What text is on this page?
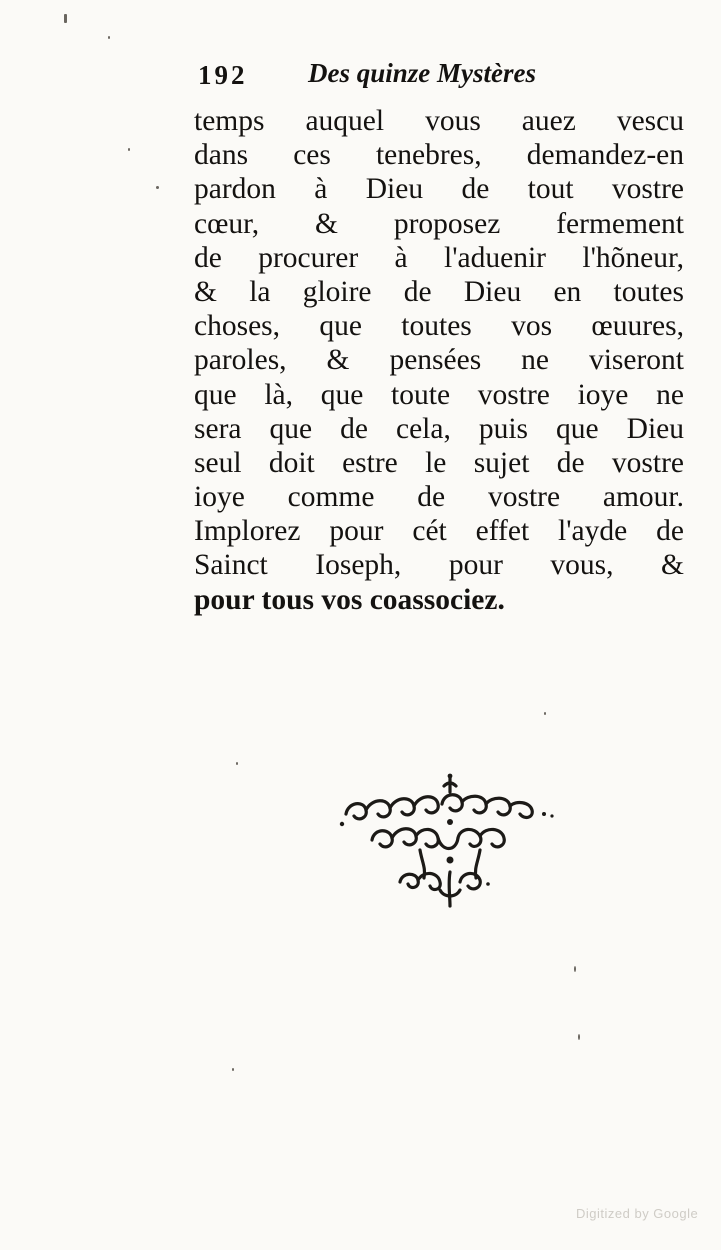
192 Des quinze Mystères
temps auquel vous auez vescu
dans ces tenebres, demandez-en
pardon à Dieu de tout vostre
cœur, & proposez fermement
de procurer à l'aduenir l'hõneur,
& la gloire de Dieu en toutes
choses, que toutes vos œuures,
paroles, & pensées ne viseront
que là, que toute vostre ioye ne
sera que de cela, puis que Dieu
seul doit estre le sujet de vostre
ioye comme de vostre amour.
Implorez pour cét effet l'ayde de
Sainct Ioseph, pour vous, &
pour tous vos coassociez.
Digitized by Google
